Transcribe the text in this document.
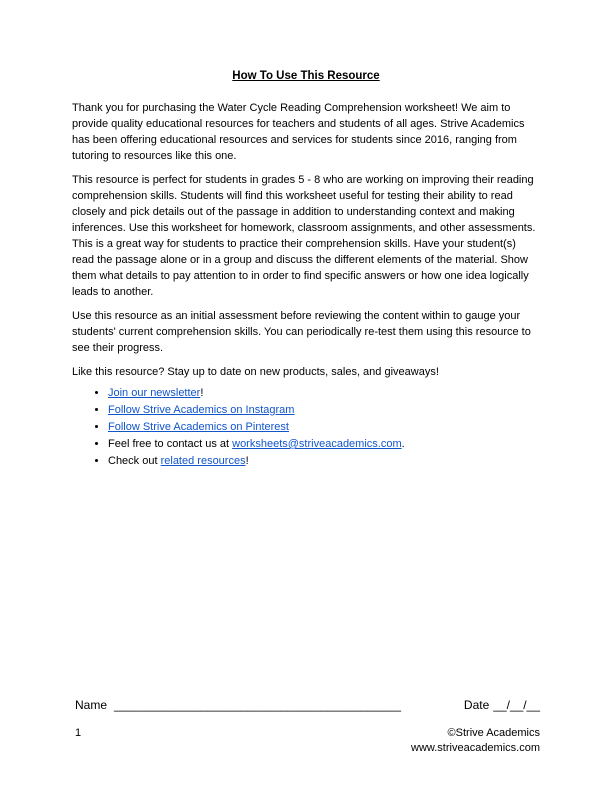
How To Use This Resource

Thank you for purchasing the Water Cycle Reading Comprehension worksheet! We aim to provide quality educational resources for teachers and students of all ages. Strive Academics has been offering educational resources and services for students since 2016, ranging from tutoring to resources like this one.

This resource is perfect for students in grades 5 - 8 who are working on improving their reading comprehension skills. Students will find this worksheet useful for testing their ability to read closely and pick details out of the passage in addition to understanding context and making inferences. Use this worksheet for homework, classroom assignments, and other assessments. This is a great way for students to practice their comprehension skills. Have your student(s) read the passage alone or in a group and discuss the different elements of the material. Show them what details to pay attention to in order to find specific answers or how one idea logically leads to another.

Use this resource as an initial assessment before reviewing the content within to gauge your students' current comprehension skills. You can periodically re-test them using this resource to see their progress.

Like this resource? Stay up to date on new products, sales, and giveaways!

• Join our newsletter!
• Follow Strive Academics on Instagram
• Follow Strive Academics on Pinterest
• Feel free to contact us at worksheets@striveacademics.com.
• Check out related resources!
Name ___________________________________________	Date __/__/__
1	©Strive Academics
www.striveacademics.com
